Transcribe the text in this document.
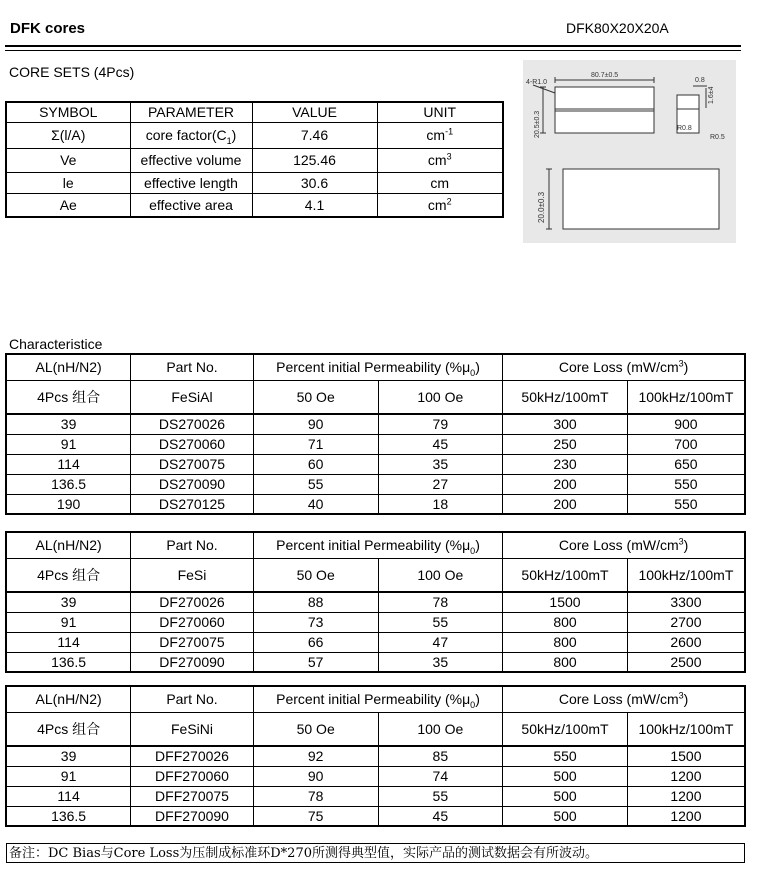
DFK cores	DFK80X20X20A
CORE SETS (4Pcs)
SYMBOL	PARAMETER	VALUE	UNIT
Σ(l/A)	core $factor(C_1)$	7.46	$cm^{-1}$
Ve	effective volume	125.46	$cm^3$
le	effective length	30.6	cm
Ae	effective area	4.1	$cm^2$
4-R1.0
80.7±0.5
0.8
1.6±4
R0.8
R0.5
20.5±0.3
20.0±0.3
Characteristice
AL(nH/N2)	Part No.	Percent initial Permeability $(\%\mu_0)$		Core Loss $(mW/cm^3)$	
4Pcs 组合	FeSiAl	50 Oe	100 Oe	50kHz/100mT	100kHz/100mT
39	DS270026	90	79	300	900
91	DS270060	71	45	250	700
114	DS270075	60	35	230	650
136.5	DS270090	55	27	200	550
190	DS270125	40	18	200	550
AL(nH/N2)	Part No.	Percent initial Permeability $(\%\mu_0)$		Core Loss $(mW/cm^3)$	
4Pcs 组合	FeSi	50 Oe	100 Oe	50kHz/100mT	100kHz/100mT
39	DF270026	88	78	1500	3300
91	DF270060	73	55	800	2700
114	DF270075	66	47	800	2600
136.5	DF270090	57	35	800	2500
AL(nH/N2)	Part No.	Percent initial Permeability $(\%\mu_0)$		Core Loss $(mW/cm^3)$	
4Pcs 组合	FeSiNi	50 Oe	100 Oe	50kHz/100mT	100kHz/100mT
39	DFF270026	92	85	550	1500
91	DFF270060	90	74	500	1200
114	DFF270075	78	55	500	1200
136.5	DFF270090	75	45	500	1200
备注：DC Bias与Core Loss为压制成标准环D*270所测得典型值，实际产品的测试数据会有所波动。
